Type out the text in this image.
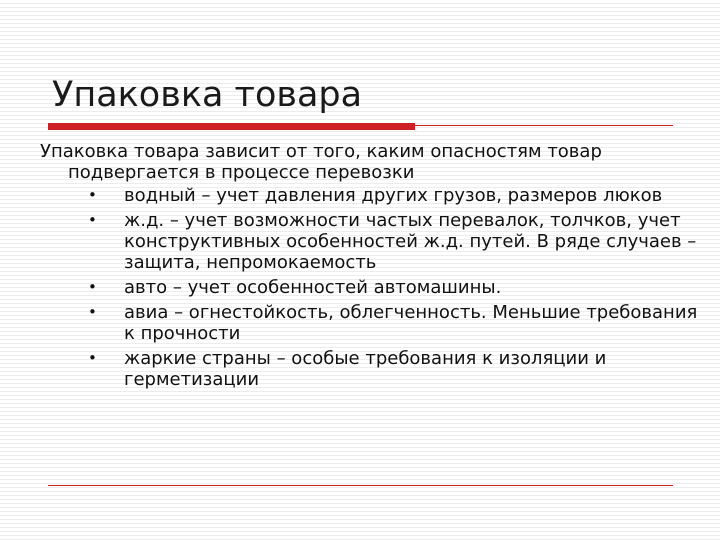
Упаковка товара

Упаковка товара зависит от того, каким опасностям товар подвергается в процессе перевозки

• водный – учет давления других грузов, размеров люков
• ж.д. – учет возможности частых перевалок, толчков, учет конструктивных особенностей ж.д. путей. В ряде случаев – защита, непромокаемость
• авто – учет особенностей автомашины.
• авиа – огнестойкость, облегченность. Меньшие требования к прочности
• жаркие страны – особые требования к изоляции и герметизации
